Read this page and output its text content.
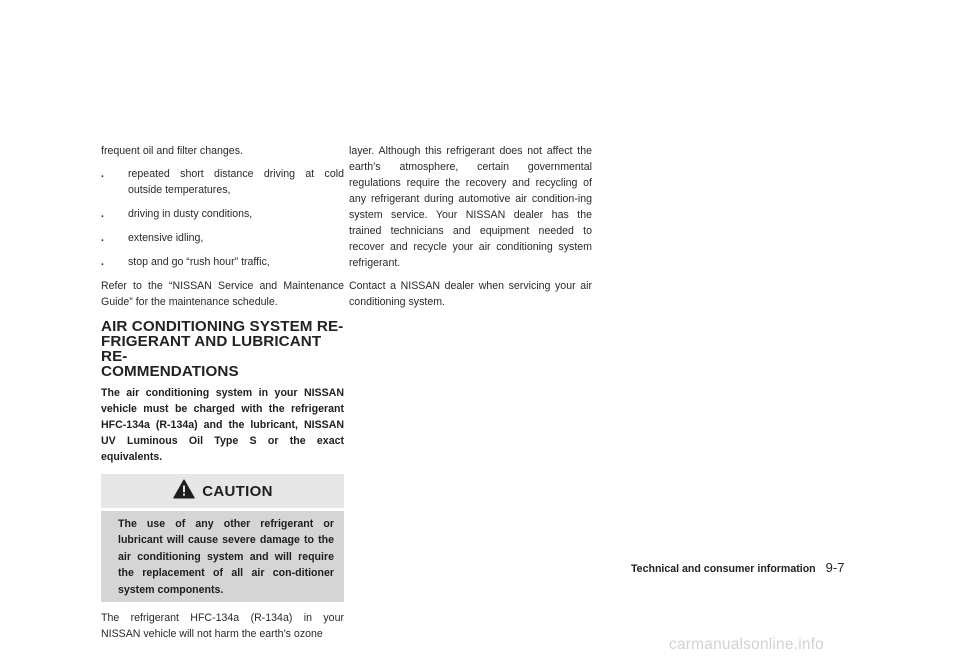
frequent oil and filter changes.

. repeated short distance driving at cold outside temperatures,
. driving in dusty conditions,
. extensive idling,
. stop and go “rush hour” traffic,

Refer to the “NISSAN Service and Maintenance Guide” for the maintenance schedule.

AIR CONDITIONING SYSTEM RE-
FRIGERANT AND LUBRICANT RE-
COMMENDATIONS

The air conditioning system in your NISSAN vehicle must be charged with the refrigerant HFC-134a (R-134a) and the lubricant, NISSAN UV Luminous Oil Type S or the exact equivalents.

CAUTION
The use of any other refrigerant or lubricant will cause severe damage to the air conditioning system and will require the replacement of all air con-ditioner system components.

The refrigerant HFC-134a (R-134a) in your NISSAN vehicle will not harm the earth’s ozone

layer. Although this refrigerant does not affect the earth’s atmosphere, certain governmental regulations require the recovery and recycling of any refrigerant during automotive air condition-ing system service. Your NISSAN dealer has the trained technicians and equipment needed to recover and recycle your air conditioning system refrigerant.

Contact a NISSAN dealer when servicing your air conditioning system.

Technical and consumer information 9-7
carmanualsonline.info
